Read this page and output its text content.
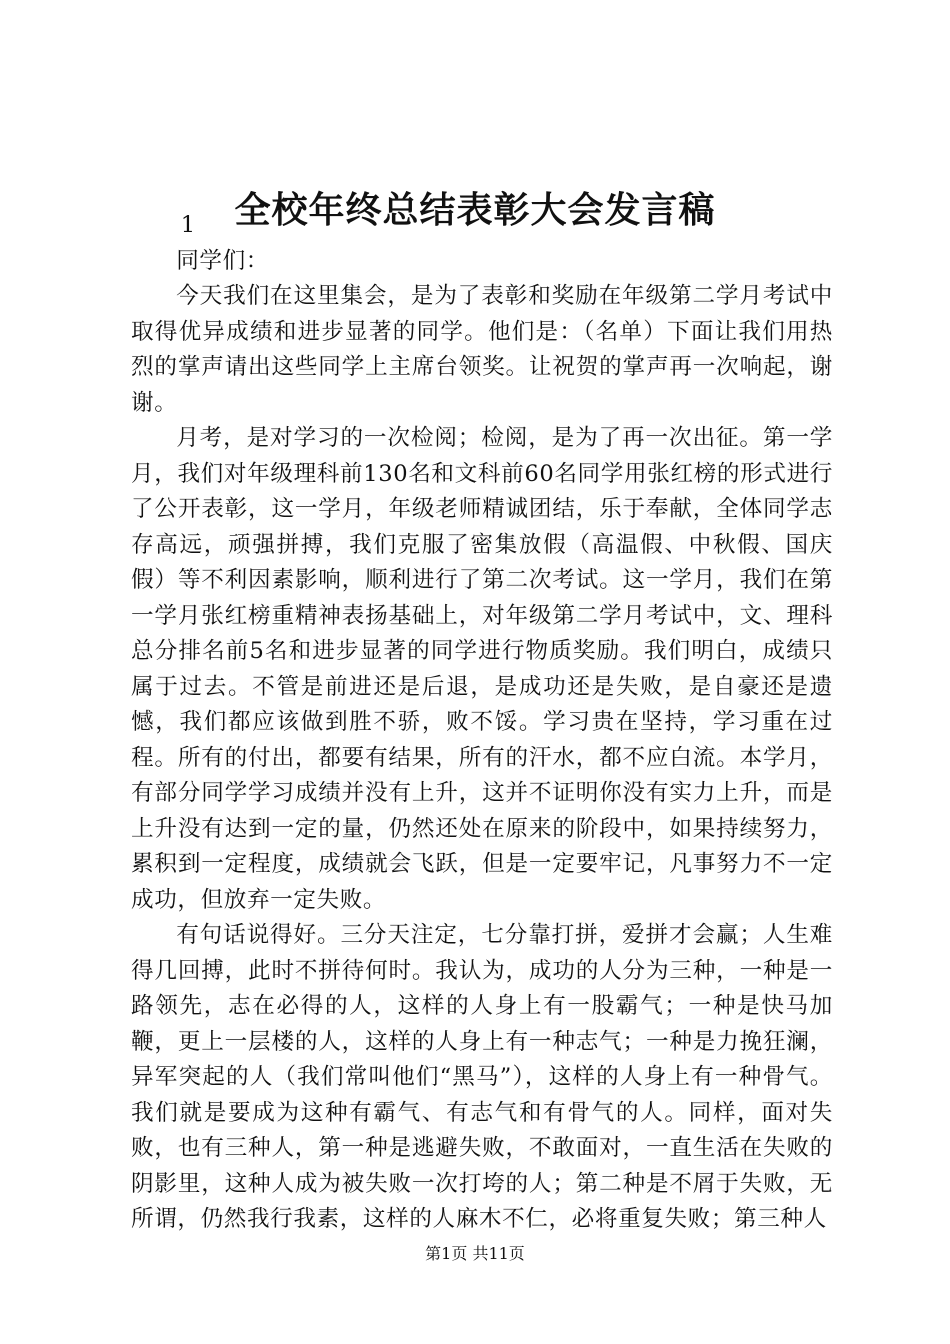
全校年终总结表彰大会发言稿

1

同学们：

今天我们在这里集会，是为了表彰和奖励在年级第二学月考试中取得优异成绩和进步显著的同学。他们是：（名单）下面让我们用热烈的掌声请出这些同学上主席台领奖。让祝贺的掌声再一次响起，谢谢。

月考，是对学习的一次检阅；检阅，是为了再一次出征。第一学月，我们对年级理科前130名和文科前60名同学用张红榜的形式进行了公开表彰，这一学月，年级老师精诚团结，乐于奉献，全体同学志存高远，顽强拼搏，我们克服了密集放假（高温假、中秋假、国庆假）等不利因素影响，顺利进行了第二次考试。这一学月，我们在第一学月张红榜重精神表扬基础上，对年级第二学月考试中，文、理科总分排名前5名和进步显著的同学进行物质奖励。我们明白，成绩只属于过去。不管是前进还是后退，是成功还是失败，是自豪还是遗憾，我们都应该做到胜不骄，败不馁。学习贵在坚持，学习重在过程。所有的付出，都要有结果，所有的汗水，都不应白流。本学月，有部分同学学习成绩并没有上升，这并不证明你没有实力上升，而是上升没有达到一定的量，仍然还处在原来的阶段中，如果持续努力，累积到一定程度，成绩就会飞跃，但是一定要牢记，凡事努力不一定成功，但放弃一定失败。

有句话说得好。三分天注定，七分靠打拼，爱拼才会赢；人生难得几回搏，此时不拼待何时。我认为，成功的人分为三种，一种是一路领先，志在必得的人，这样的人身上有一股霸气；一种是快马加鞭，更上一层楼的人，这样的人身上有一种志气；一种是力挽狂澜，异军突起的人（我们常叫他们“黑马”），这样的人身上有一种骨气。我们就是要成为这种有霸气、有志气和有骨气的人。同样，面对失败，也有三种人，第一种是逃避失败，不敢面对，一直生活在失败的阴影里，这种人成为被失败一次打垮的人；第二种是不屑于失败，无所谓，仍然我行我素，这样的人麻木不仁，必将重复失败；第三种人

第1页 共11页
